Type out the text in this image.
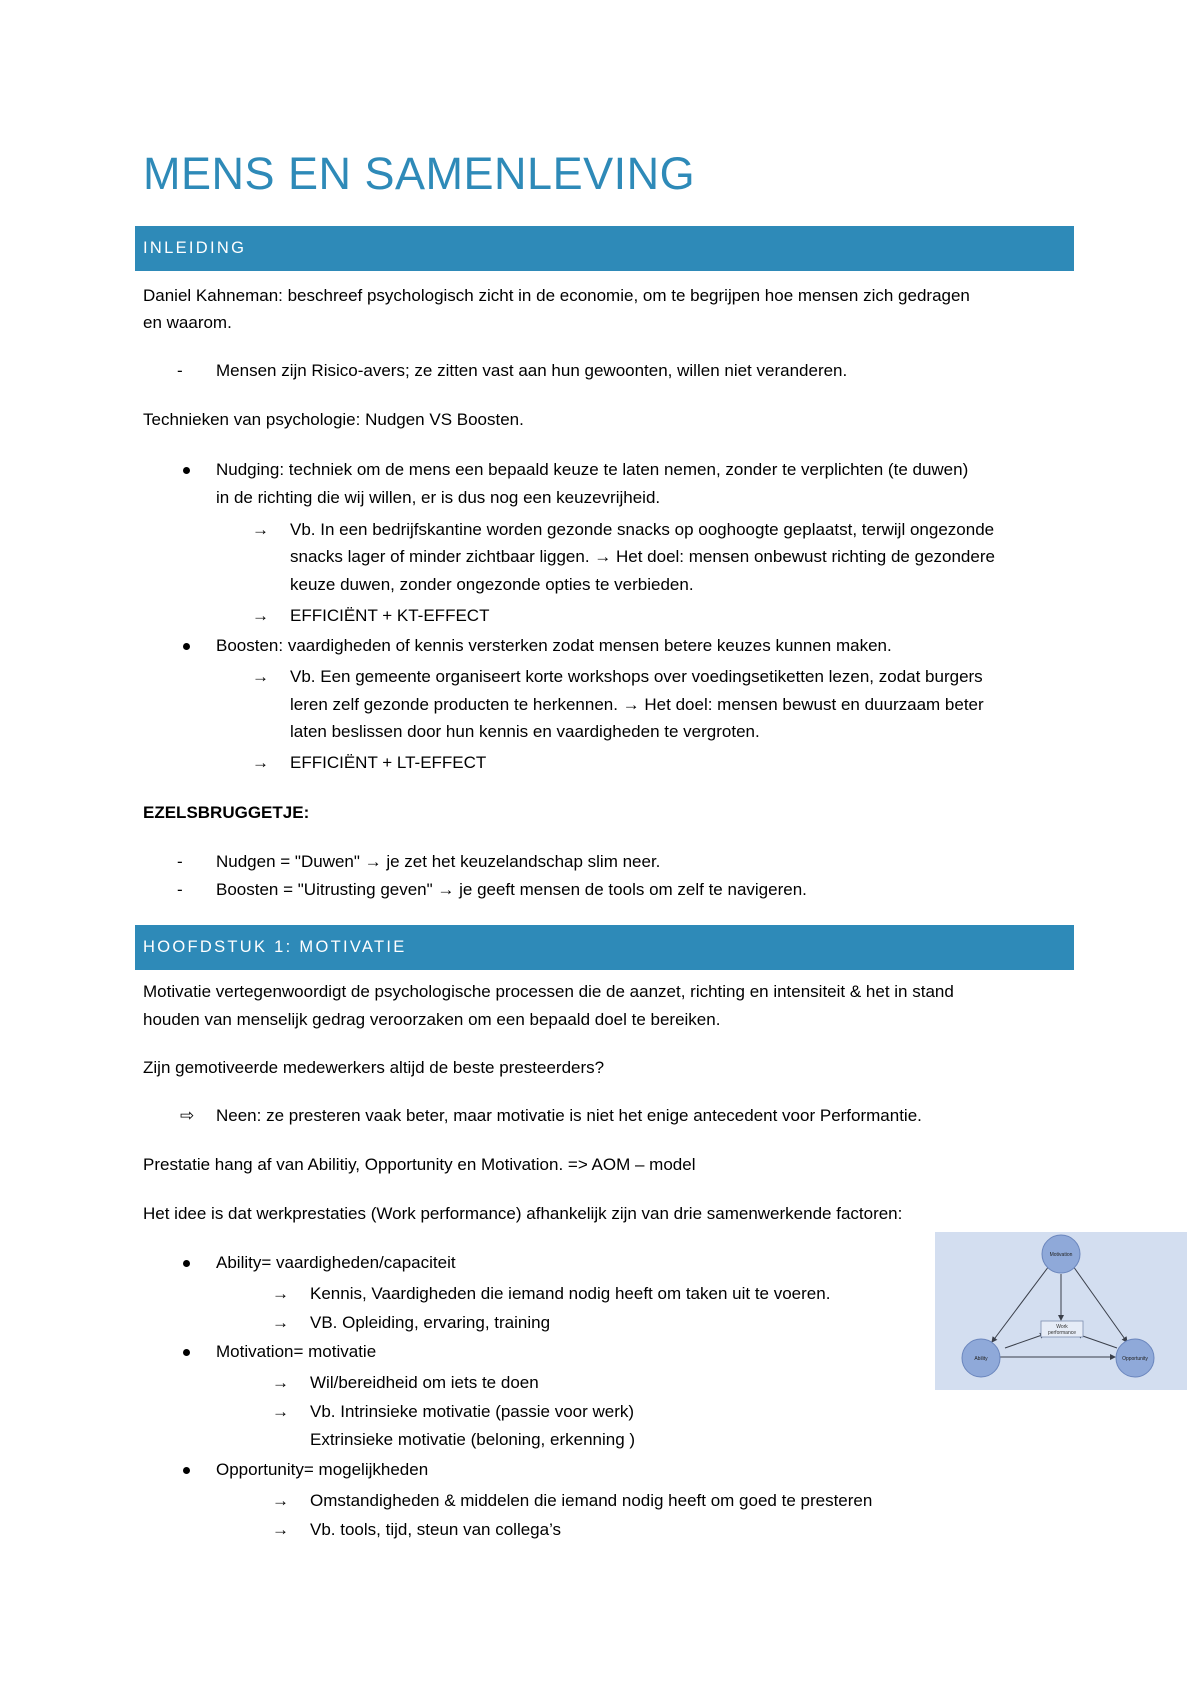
MENS EN SAMENLEVING
INLEIDING
Daniel Kahneman: beschreef psychologisch zicht in de economie, om te begrijpen hoe mensen zich gedragen
en waarom.
- Mensen zijn Risico-avers; ze zitten vast aan hun gewoonten, willen niet veranderen.
Technieken van psychologie: Nudgen VS Boosten.
Nudging: techniek om de mens een bepaald keuze te laten nemen, zonder te verplichten (te duwen)
in de richting die wij willen, er is dus nog een keuzevrijheid.
→ Vb. In een bedrijfskantine worden gezonde snacks op ooghoogte geplaatst, terwijl ongezonde
snacks lager of minder zichtbaar liggen. → Het doel: mensen onbewust richting de gezondere
keuze duwen, zonder ongezonde opties te verbieden.
→ EFFICIËNT + KT-EFFECT
Boosten: vaardigheden of kennis versterken zodat mensen betere keuzes kunnen maken.
→ Vb. Een gemeente organiseert korte workshops over voedingsetiketten lezen, zodat burgers
leren zelf gezonde producten te herkennen. → Het doel: mensen bewust en duurzaam beter
laten beslissen door hun kennis en vaardigheden te vergroten.
→ EFFICIËNT + LT-EFFECT
EZELSBRUGGETJE:
- Nudgen = "Duwen" → je zet het keuzelandschap slim neer.
- Boosten = "Uitrusting geven" → je geeft mensen de tools om zelf te navigeren.
HOOFDSTUK 1: MOTIVATIE
Motivatie vertegenwoordigt de psychologische processen die de aanzet, richting en intensiteit & het in stand
houden van menselijk gedrag veroorzaken om een bepaald doel te bereiken.
Zijn gemotiveerde medewerkers altijd de beste presteerders?
⇨ Neen: ze presteren vaak beter, maar motivatie is niet het enige antecedent voor Performantie.
Prestatie hang af van Abilitiy, Opportunity en Motivation. => AOM – model
Het idee is dat werkprestaties (Work performance) afhankelijk zijn van drie samenwerkende factoren:
Ability= vaardigheden/capaciteit
→ Kennis, Vaardigheden die iemand nodig heeft om taken uit te voeren.
→ VB. Opleiding, ervaring, training
Motivation= motivatie
→ Wil/bereidheid om iets te doen
→ Vb. Intrinsieke motivatie (passie voor werk)
Extrinsieke motivatie (beloning, erkenning )
Opportunity= mogelijkheden
→ Omstandigheden & middelen die iemand nodig heeft om goed te presteren
→ Vb. tools, tijd, steun van collega’s
Work
performance
Motivation
Ability	Opportunity
